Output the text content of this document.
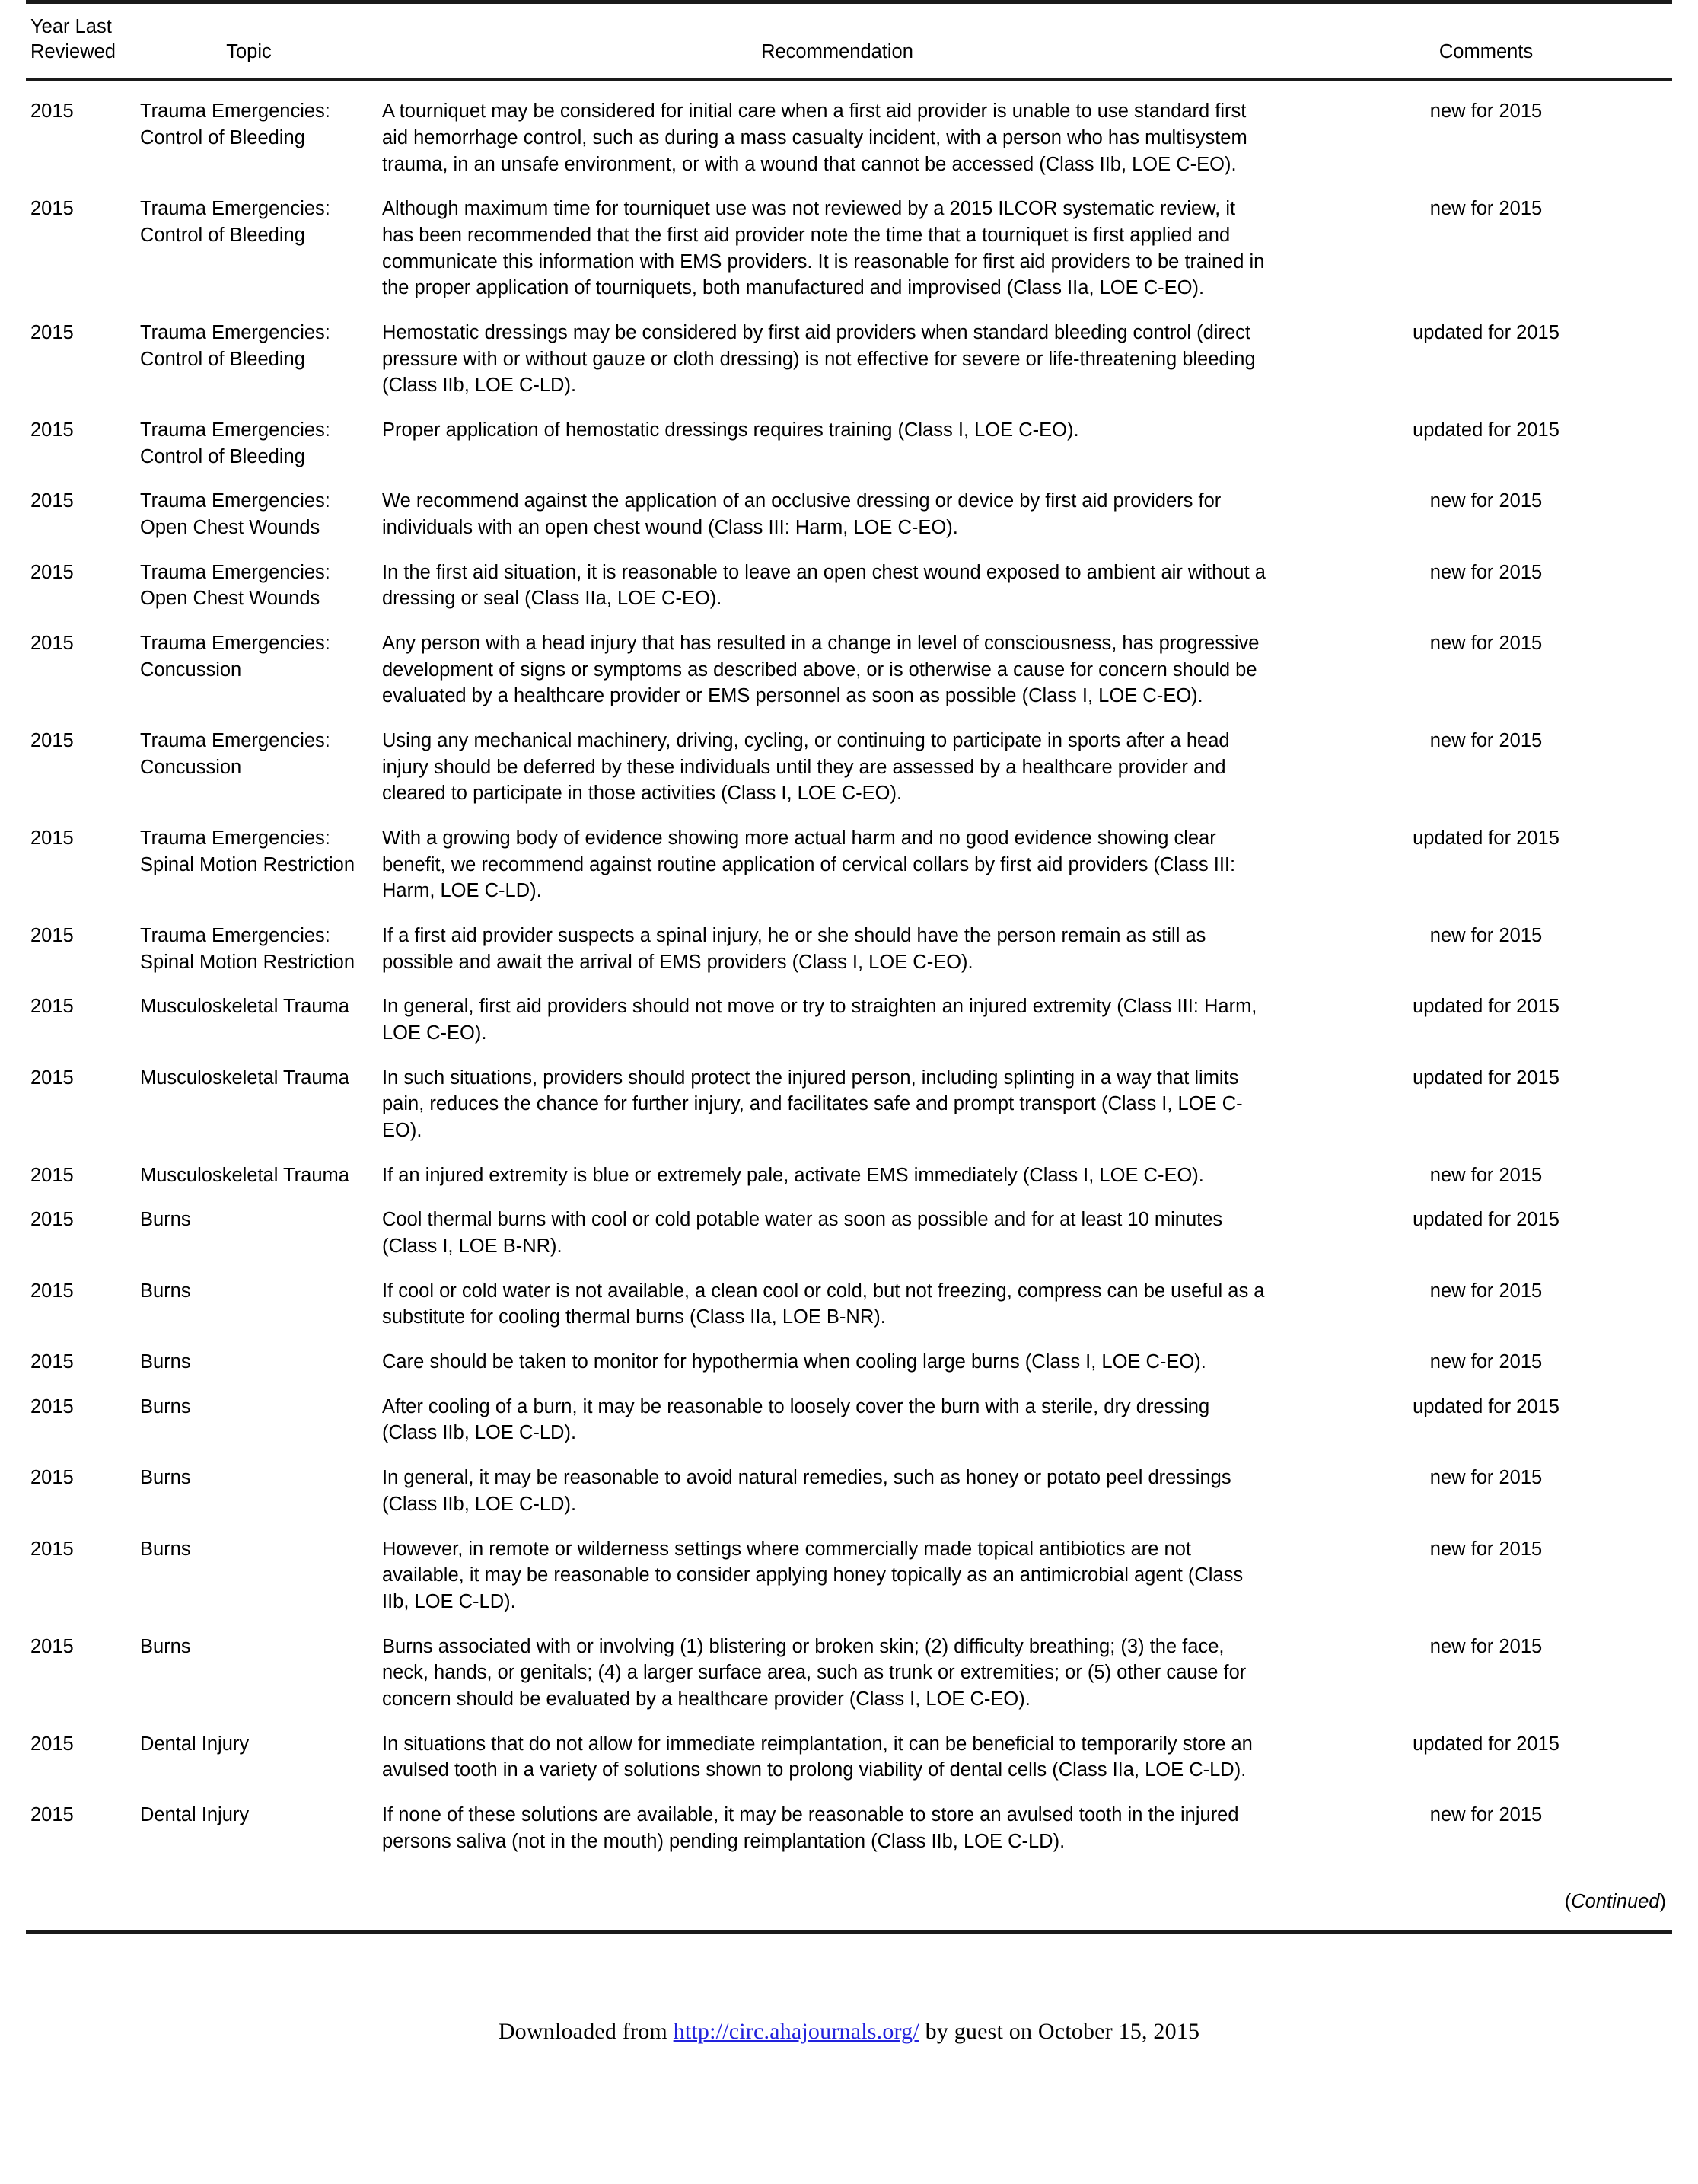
Year Last
Reviewed	Topic	Recommendation	Comments
2015	Trauma Emergencies: Control of Bleeding	A tourniquet may be considered for initial care when a first aid provider is unable to use standard first aid hemorrhage control, such as during a mass casualty incident, with a person who has multisystem trauma, in an unsafe environment, or with a wound that cannot be accessed (Class IIb, LOE C-EO).	new for 2015
2015	Trauma Emergencies: Control of Bleeding	Although maximum time for tourniquet use was not reviewed by a 2015 ILCOR systematic review, it has been recommended that the first aid provider note the time that a tourniquet is first applied and communicate this information with EMS providers. It is reasonable for first aid providers to be trained in the proper application of tourniquets, both manufactured and improvised (Class IIa, LOE C-EO).	new for 2015
2015	Trauma Emergencies: Control of Bleeding	Hemostatic dressings may be considered by first aid providers when standard bleeding control (direct pressure with or without gauze or cloth dressing) is not effective for severe or life-threatening bleeding (Class IIb, LOE C-LD).	updated for 2015
2015	Trauma Emergencies: Control of Bleeding	Proper application of hemostatic dressings requires training (Class I, LOE C-EO).	updated for 2015
2015	Trauma Emergencies: Open Chest Wounds	We recommend against the application of an occlusive dressing or device by first aid providers for individuals with an open chest wound (Class III: Harm, LOE C-EO).	new for 2015
2015	Trauma Emergencies: Open Chest Wounds	In the first aid situation, it is reasonable to leave an open chest wound exposed to ambient air without a dressing or seal (Class IIa, LOE C-EO).	new for 2015
2015	Trauma Emergencies: Concussion	Any person with a head injury that has resulted in a change in level of consciousness, has progressive development of signs or symptoms as described above, or is otherwise a cause for concern should be evaluated by a healthcare provider or EMS personnel as soon as possible (Class I, LOE C-EO).	new for 2015
2015	Trauma Emergencies: Concussion	Using any mechanical machinery, driving, cycling, or continuing to participate in sports after a head injury should be deferred by these individuals until they are assessed by a healthcare provider and cleared to participate in those activities (Class I, LOE C-EO).	new for 2015
2015	Trauma Emergencies: Spinal Motion Restriction	With a growing body of evidence showing more actual harm and no good evidence showing clear benefit, we recommend against routine application of cervical collars by first aid providers (Class III: Harm, LOE C-LD).	updated for 2015
2015	Trauma Emergencies: Spinal Motion Restriction	If a first aid provider suspects a spinal injury, he or she should have the person remain as still as possible and await the arrival of EMS providers (Class I, LOE C-EO).	new for 2015
2015	Musculoskeletal Trauma	In general, first aid providers should not move or try to straighten an injured extremity (Class III: Harm, LOE C-EO).	updated for 2015
2015	Musculoskeletal Trauma	In such situations, providers should protect the injured person, including splinting in a way that limits pain, reduces the chance for further injury, and facilitates safe and prompt transport (Class I, LOE C-EO).	updated for 2015
2015	Musculoskeletal Trauma	If an injured extremity is blue or extremely pale, activate EMS immediately (Class I, LOE C-EO).	new for 2015
2015	Burns	Cool thermal burns with cool or cold potable water as soon as possible and for at least 10 minutes (Class I, LOE B-NR).	updated for 2015
2015	Burns	If cool or cold water is not available, a clean cool or cold, but not freezing, compress can be useful as a substitute for cooling thermal burns (Class IIa, LOE B-NR).	new for 2015
2015	Burns	Care should be taken to monitor for hypothermia when cooling large burns (Class I, LOE C-EO).	new for 2015
2015	Burns	After cooling of a burn, it may be reasonable to loosely cover the burn with a sterile, dry dressing (Class IIb, LOE C-LD).	updated for 2015
2015	Burns	In general, it may be reasonable to avoid natural remedies, such as honey or potato peel dressings (Class IIb, LOE C-LD).	new for 2015
2015	Burns	However, in remote or wilderness settings where commercially made topical antibiotics are not available, it may be reasonable to consider applying honey topically as an antimicrobial agent (Class IIb, LOE C-LD).	new for 2015
2015	Burns	Burns associated with or involving (1) blistering or broken skin; (2) difficulty breathing; (3) the face, neck, hands, or genitals; (4) a larger surface area, such as trunk or extremities; or (5) other cause for concern should be evaluated by a healthcare provider (Class I, LOE C-EO).	new for 2015
2015	Dental Injury	In situations that do not allow for immediate reimplantation, it can be beneficial to temporarily store an avulsed tooth in a variety of solutions shown to prolong viability of dental cells (Class IIa, LOE C-LD).	updated for 2015
2015	Dental Injury	If none of these solutions are available, it may be reasonable to store an avulsed tooth in the injured persons saliva (not in the mouth) pending reimplantation (Class IIb, LOE C-LD).	new for 2015
( Continued )
Downloaded from http://circ.ahajournals.org/ by guest on October 15, 2015
